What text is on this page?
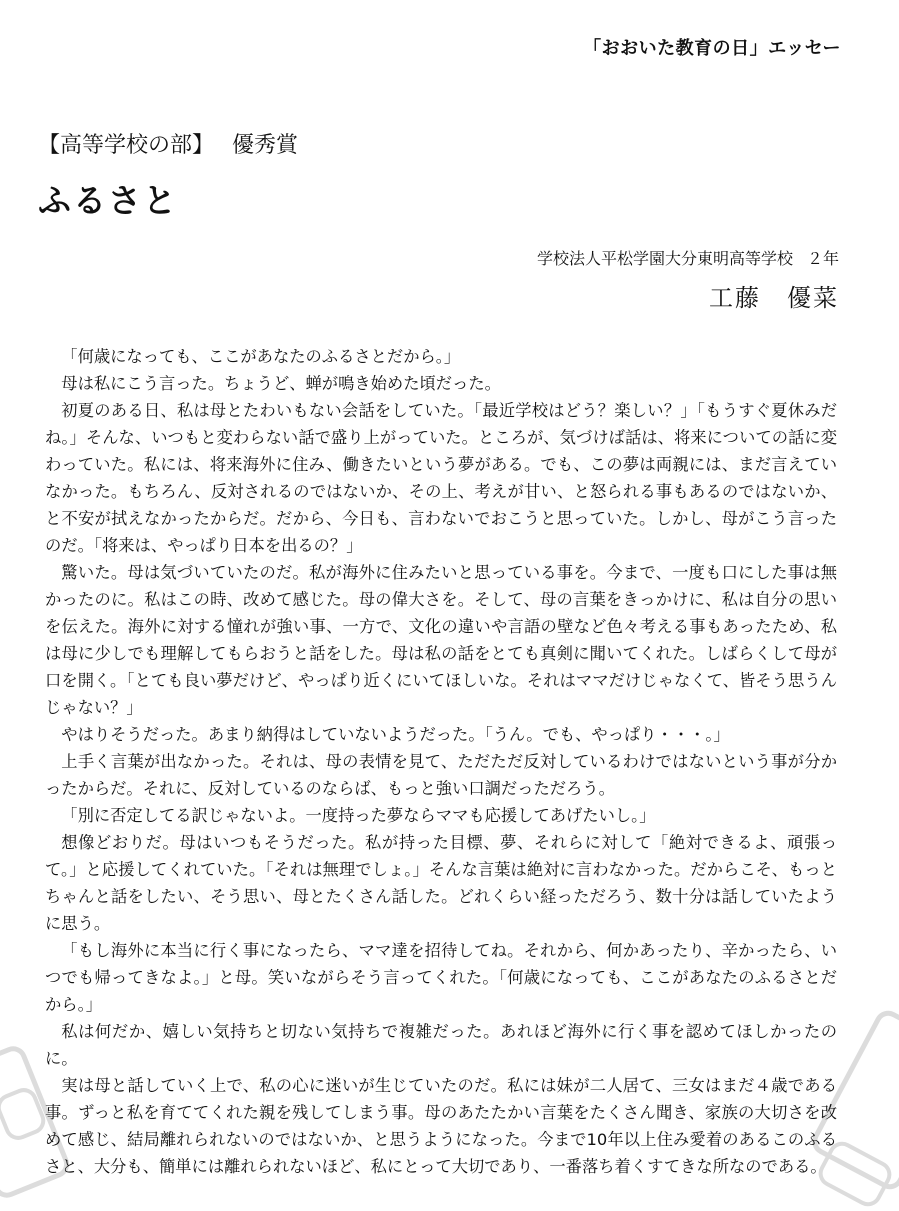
「おおいた教育の日」エッセー
【高等学校の部】 優秀賞
ふるさと
学校法人平松学園大分東明高等学校 ２年
工藤　優菜

「何歳になっても、ここがあなたのふるさとだから。」

母は私にこう言った。ちょうど、蝉が鳴き始めた頃だった。

初夏のある日、私は母とたわいもない会話をしていた。「最近学校はどう？楽しい？」「もうすぐ夏休みだね。」そんな、いつもと変わらない話で盛り上がっていた。ところが、気づけば話は、将来についての話に変わっていた。私には、将来海外に住み、働きたいという夢がある。でも、この夢は両親には、まだ言えていなかった。もちろん、反対されるのではないか、その上、考えが甘い、と怒られる事もあるのではないか、と不安が拭えなかったからだ。だから、今日も、言わないでおこうと思っていた。しかし、母がこう言ったのだ。「将来は、やっぱり日本を出るの？」

驚いた。母は気づいていたのだ。私が海外に住みたいと思っている事を。今まで、一度も口にした事は無かったのに。私はこの時、改めて感じた。母の偉大さを。そして、母の言葉をきっかけに、私は自分の思いを伝えた。海外に対する憧れが強い事、一方で、文化の違いや言語の壁など色々考える事もあったため、私は母に少しでも理解してもらおうと話をした。母は私の話をとても真剣に聞いてくれた。しばらくして母が口を開く。「とても良い夢だけど、やっぱり近くにいてほしいな。それはママだけじゃなくて、皆そう思うんじゃない？」

やはりそうだった。あまり納得はしていないようだった。「うん。でも、やっぱり・・・。」

上手く言葉が出なかった。それは、母の表情を見て、ただただ反対しているわけではないという事が分かったからだ。それに、反対しているのならば、もっと強い口調だっただろう。

「別に否定してる訳じゃないよ。一度持った夢ならママも応援してあげたいし。」

想像どおりだ。母はいつもそうだった。私が持った目標、夢、それらに対して「絶対できるよ、頑張って。」と応援してくれていた。「それは無理でしょ。」そんな言葉は絶対に言わなかった。だからこそ、もっとちゃんと話をしたい、そう思い、母とたくさん話した。どれくらい経っただろう、数十分は話していたように思う。

「もし海外に本当に行く事になったら、ママ達を招待してね。それから、何かあったり、辛かったら、いつでも帰ってきなよ。」と母。笑いながらそう言ってくれた。「何歳になっても、ここがあなたのふるさとだから。」

私は何だか、嬉しい気持ちと切ない気持ちで複雑だった。あれほど海外に行く事を認めてほしかったのに。

実は母と話していく上で、私の心に迷いが生じていたのだ。私には妹が二人居て、三女はまだ４歳である事。ずっと私を育ててくれた親を残してしまう事。母のあたたかい言葉をたくさん聞き、家族の大切さを改めて感じ、結局離れられないのではないか、と思うようになった。今まで10年以上住み愛着のあるこのふるさと、大分も、簡単には離れられないほど、私にとって大切であり、一番落ち着くすてきな所なのである。
